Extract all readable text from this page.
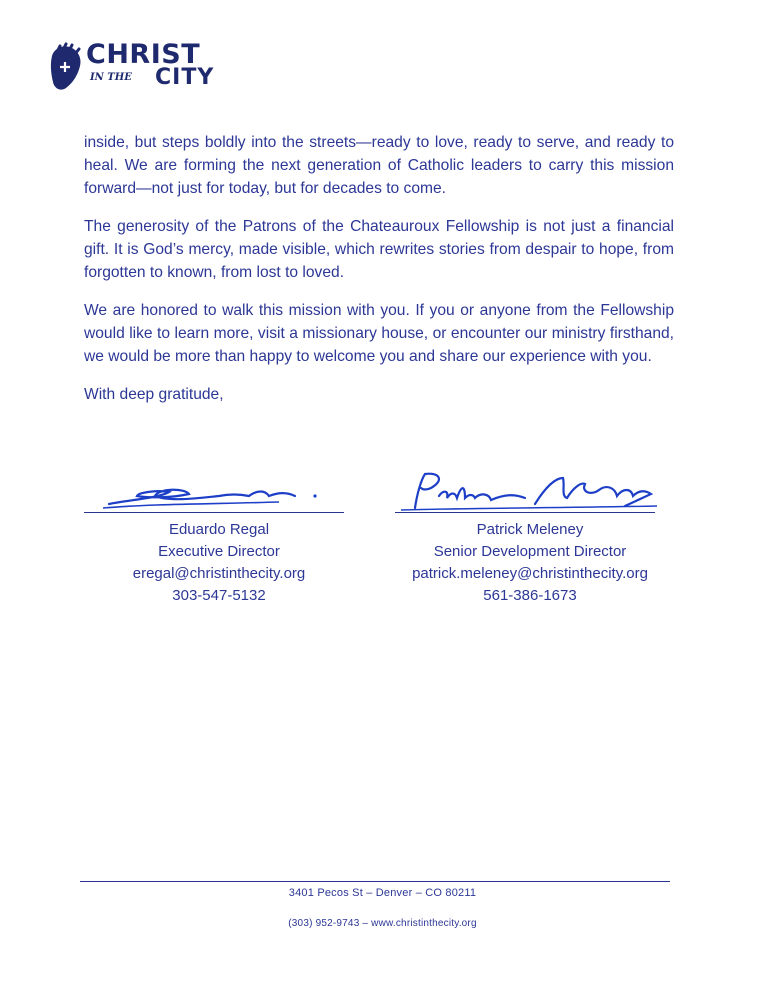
CHRIST
IN THE CITY

inside, but steps boldly into the streets—ready to love, ready to serve, and ready to heal. We are forming the next generation of Catholic leaders to carry this mission forward—not just for today, but for decades to come.

The generosity of the Patrons of the Chateauroux Fellowship is not just a financial gift. It is God’s mercy, made visible, which rewrites stories from despair to hope, from forgotten to known, from lost to loved.

We are honored to walk this mission with you. If you or anyone from the Fellowship would like to learn more, visit a missionary house, or encounter our ministry firsthand, we would be more than happy to welcome you and share our experience with you.

With deep gratitude,

Eduardo Regal
Executive Director
eregal@christinthecity.org
303-547-5132
Patrick Meleney
Senior Development Director
patrick.meleney@christinthecity.org
561-386-1673
3401 Pecos St – Denver – CO 80211
(303) 952-9743 – www.christinthecity.org
